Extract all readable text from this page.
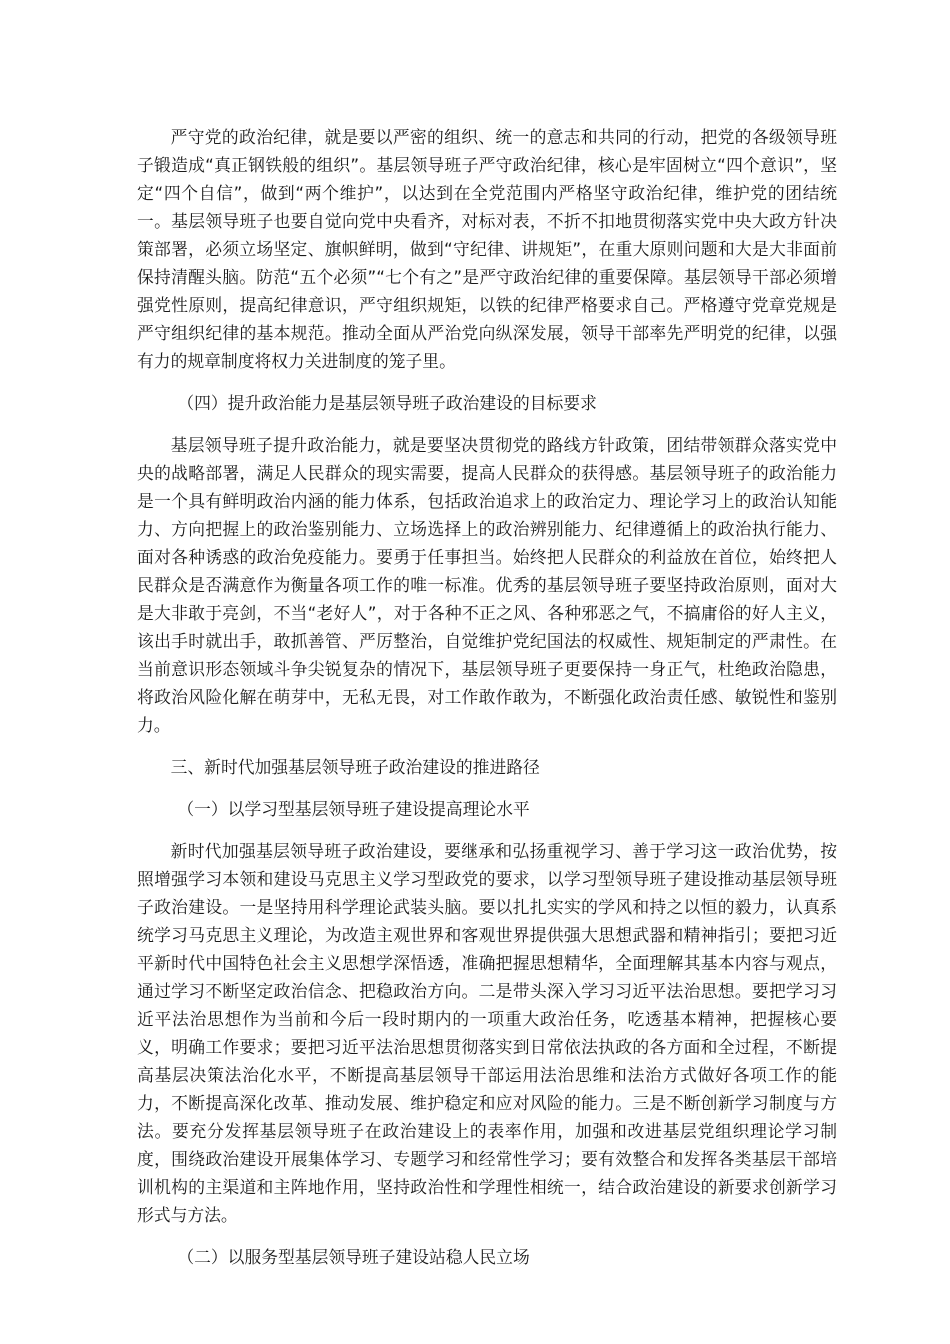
严守党的政治纪律，就是要以严密的组织、统一的意志和共同的行动，把党的各级领导班子锻造成“真正钢铁般的组织”。基层领导班子严守政治纪律，核心是牢固树立“四个意识”，坚定“四个自信”，做到“两个维护”，以达到在全党范围内严格坚守政治纪律，维护党的团结统一。基层领导班子也要自觉向党中央看齐，对标对表，不折不扣地贯彻落实党中央大政方针决策部署，必须立场坚定、旗帜鲜明，做到“守纪律、讲规矩”，在重大原则问题和大是大非面前保持清醒头脑。防范“五个必须”“七个有之”是严守政治纪律的重要保障。基层领导干部必须增强党性原则，提高纪律意识，严守组织规矩，以铁的纪律严格要求自己。严格遵守党章党规是严守组织纪律的基本规范。推动全面从严治党向纵深发展，领导干部率先严明党的纪律，以强有力的规章制度将权力关进制度的笼子里。

（四）提升政治能力是基层领导班子政治建设的目标要求

基层领导班子提升政治能力，就是要坚决贯彻党的路线方针政策，团结带领群众落实党中央的战略部署，满足人民群众的现实需要，提高人民群众的获得感。基层领导班子的政治能力是一个具有鲜明政治内涵的能力体系，包括政治追求上的政治定力、理论学习上的政治认知能力、方向把握上的政治鉴别能力、立场选择上的政治辨别能力、纪律遵循上的政治执行能力、面对各种诱惑的政治免疫能力。要勇于任事担当。始终把人民群众的利益放在首位，始终把人民群众是否满意作为衡量各项工作的唯一标准。优秀的基层领导班子要坚持政治原则，面对大是大非敢于亮剑，不当“老好人”，对于各种不正之风、各种邪恶之气，不搞庸俗的好人主义，该出手时就出手，敢抓善管、严厉整治，自觉维护党纪国法的权威性、规矩制定的严肃性。在当前意识形态领域斗争尖锐复杂的情况下，基层领导班子更要保持一身正气，杜绝政治隐患，将政治风险化解在萌芽中，无私无畏，对工作敢作敢为，不断强化政治责任感、敏锐性和鉴别力。

三、新时代加强基层领导班子政治建设的推进路径

（一）以学习型基层领导班子建设提高理论水平

新时代加强基层领导班子政治建设，要继承和弘扬重视学习、善于学习这一政治优势，按照增强学习本领和建设马克思主义学习型政党的要求，以学习型领导班子建设推动基层领导班子政治建设。一是坚持用科学理论武装头脑。要以扎扎实实的学风和持之以恒的毅力，认真系统学习马克思主义理论，为改造主观世界和客观世界提供强大思想武器和精神指引；要把习近平新时代中国特色社会主义思想学深悟透，准确把握思想精华，全面理解其基本内容与观点，通过学习不断坚定政治信念、把稳政治方向。二是带头深入学习习近平法治思想。要把学习习近平法治思想作为当前和今后一段时期内的一项重大政治任务，吃透基本精神，把握核心要义，明确工作要求；要把习近平法治思想贯彻落实到日常依法执政的各方面和全过程，不断提高基层决策法治化水平，不断提高基层领导干部运用法治思维和法治方式做好各项工作的能力，不断提高深化改革、推动发展、维护稳定和应对风险的能力。三是不断创新学习制度与方法。要充分发挥基层领导班子在政治建设上的表率作用，加强和改进基层党组织理论学习制度，围绕政治建设开展集体学习、专题学习和经常性学习；要有效整合和发挥各类基层干部培训机构的主渠道和主阵地作用，坚持政治性和学理性相统一，结合政治建设的新要求创新学习形式与方法。

（二）以服务型基层领导班子建设站稳人民立场
